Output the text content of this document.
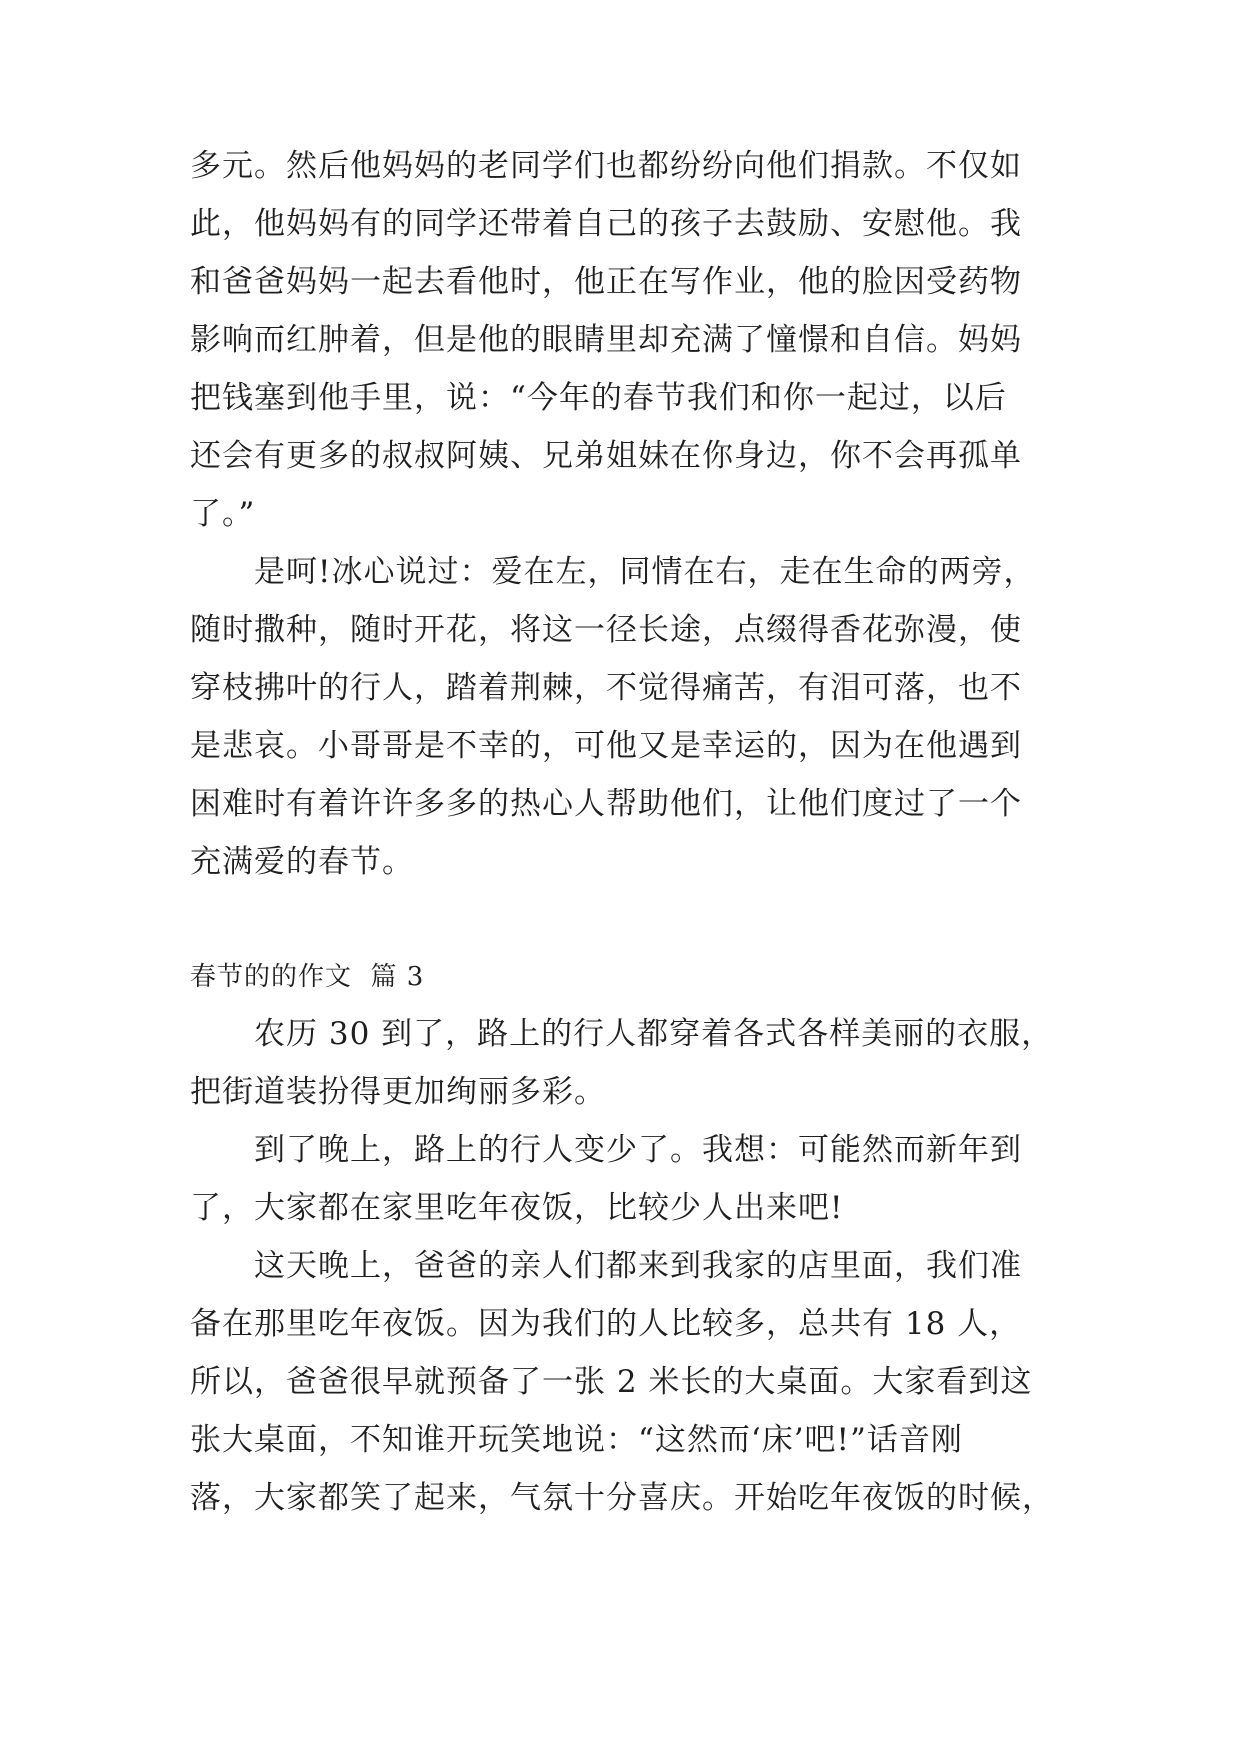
多元。然后他妈妈的老同学们也都纷纷向他们捐款。不仅如
此，他妈妈有的同学还带着自己的孩子去鼓励、安慰他。我
和爸爸妈妈一起去看他时，他正在写作业，他的脸因受药物
影响而红肿着，但是他的眼睛里却充满了憧憬和自信。妈妈
把钱塞到他手里，说：“今年的春节我们和你一起过，以后
还会有更多的叔叔阿姨、兄弟姐妹在你身边，你不会再孤单
了。”
　　是呵!冰心说过：爱在左，同情在右，走在生命的两旁，
随时撒种，随时开花，将这一径长途，点缀得香花弥漫，使
穿枝拂叶的行人，踏着荆棘，不觉得痛苦，有泪可落，也不
是悲哀。小哥哥是不幸的，可他又是幸运的，因为在他遇到
困难时有着许许多多的热心人帮助他们，让他们度过了一个
充满爱的春节。
春节的的作文  篇 3
　　农历 30 到了，路上的行人都穿着各式各样美丽的衣服，
把街道装扮得更加绚丽多彩。
　　到了晚上，路上的行人变少了。我想：可能然而新年到
了，大家都在家里吃年夜饭，比较少人出来吧!
　　这天晚上，爸爸的亲人们都来到我家的店里面，我们准
备在那里吃年夜饭。因为我们的人比较多，总共有 18 人，
所以，爸爸很早就预备了一张 2 米长的大桌面。大家看到这
张大桌面，不知谁开玩笑地说：“这然而‘床’吧!”话音刚
落，大家都笑了起来，气氛十分喜庆。开始吃年夜饭的时候，
